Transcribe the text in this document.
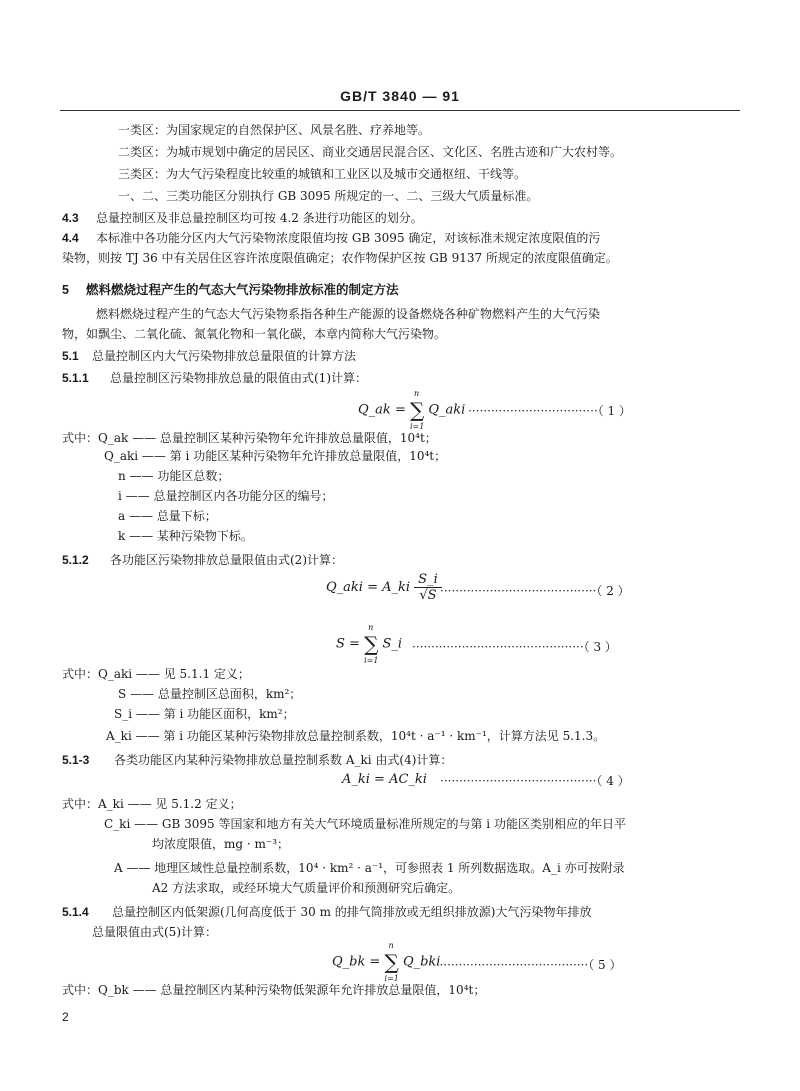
GB/T 3840 — 91
一类区：为国家规定的自然保护区、风景名胜、疗养地等。
二类区：为城市规划中确定的居民区、商业交通居民混合区、文化区、名胜古迹和广大农村等。
三类区：为大气污染程度比较重的城镇和工业区以及城市交通枢纽、干线等。
一、二、三类功能区分别执行 GB 3095 所规定的一、二、三级大气质量标准。
4.3 总量控制区及非总量控制区均可按 4.2 条进行功能区的划分。
4.4 本标准中各功能分区内大气污染物浓度限值均按 GB 3095 确定，对该标准未规定浓度限值的污
染物，则按 TJ 36 中有关居住区容许浓度限值确定；农作物保护区按 GB 9137 所规定的浓度限值确定。
5 燃料燃烧过程产生的气态大气污染物排放标准的制定方法
燃料燃烧过程产生的气态大气污染物系指各种生产能源的设备燃烧各种矿物燃料产生的大气污染
物，如飘尘、二氧化硫、氮氧化物和一氧化碳，本章内简称大气污染物。
5.1 总量控制区内大气污染物排放总量限值的计算方法
5.1.1 总量控制区污染物排放总量的限值由式(1)计算：
Q_ak = ∑
n
i=1
Q_aki ··································（ 1 ）
式中：Q_ak —— 总量控制区某种污染物年允许排放总量限值，10⁴t；
Q_aki —— 第 i 功能区某种污染物年允许排放总量限值，10⁴t；
n —— 功能区总数；
i —— 总量控制区内各功能分区的编号；
a —— 总量下标；
k —— 某种污染物下标。
5.1.2 各功能区污染物排放总量限值由式(2)计算：
Q_aki = A_ki $\frac{S\_i}{√S}$
·········································（ 2 ）
S = ∑
n
i=1
S_i ·············································（ 3 ）
式中：Q_aki —— 见 5.1.1 定义；
S —— 总量控制区总面积，km²；
S_i —— 第 i 功能区面积，km²；
A_ki —— 第 i 功能区某种污染物排放总量控制系数，10⁴t · a⁻¹ · km⁻¹，计算方法见 5.1.3。
5.1-3 各类功能区内某种污染物排放总量控制系数 A_ki 由式(4)计算：
A_ki = AC_ki ·········································（ 4 ）
式中：A_ki —— 见 5.1.2 定义；
C_ki —— GB 3095 等国家和地方有关大气环境质量标准所规定的与第 i 功能区类别相应的年日平
均浓度限值，mg · m⁻³；
A —— 地理区域性总量控制系数，10⁴ · km² · a⁻¹，可参照表 1 所列数据选取。A_i 亦可按附录
A2 方法求取，或经环境大气质量评价和预测研究后确定。
5.1.4 总量控制区内低架源(几何高度低于 30 m 的排气筒排放或无组织排放源)大气污染物年排放
总量限值由式(5)计算：
Q_bk = ∑
n
i=1
Q_bki
··········································（ 5 ）
式中：Q_bk —— 总量控制区内某种污染物低架源年允许排放总量限值，10⁴t；
2
